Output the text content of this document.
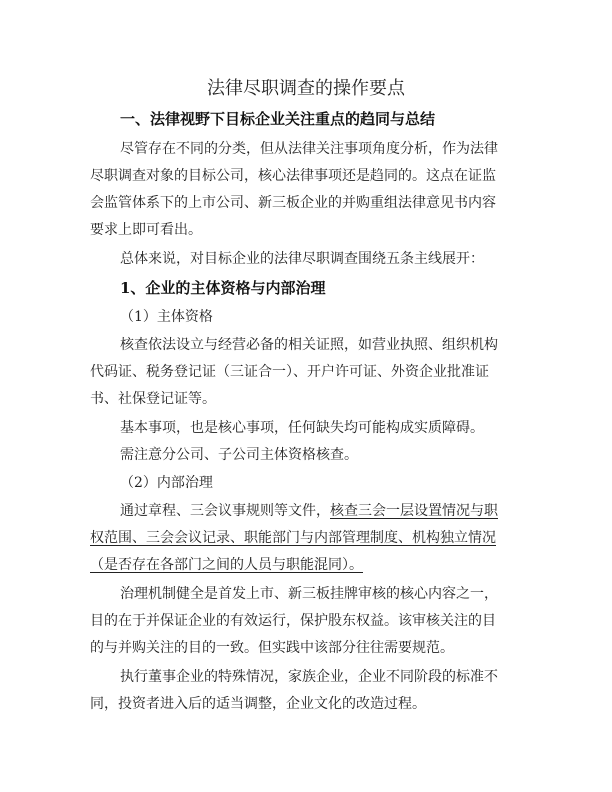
法律尽职调查的操作要点
一、法律视野下目标企业关注重点的趋同与总结
尽管存在不同的分类，但从法律关注事项角度分析，作为法律
尽职调查对象的目标公司，核心法律事项还是趋同的。这点在证监
会监管体系下的上市公司、新三板企业的并购重组法律意见书内容
要求上即可看出。
总体来说，对目标企业的法律尽职调查围绕五条主线展开：
1、企业的主体资格与内部治理
（1）主体资格
核查依法设立与经营必备的相关证照，如营业执照、组织机构
代码证、税务登记证（三证合一）、开户许可证、外资企业批准证
书、社保登记证等。
基本事项，也是核心事项，任何缺失均可能构成实质障碍。
需注意分公司、子公司主体资格核查。
（2）内部治理
通过章程、三会议事规则等文件，核查三会一层设置情况与职
权范围、三会会议记录、职能部门与内部管理制度、机构独立情况
（是否存在各部门之间的人员与职能混同）。
治理机制健全是首发上市、新三板挂牌审核的核心内容之一，
目的在于并保证企业的有效运行，保护股东权益。该审核关注的目
的与并购关注的目的一致。但实践中该部分往往需要规范。
执行董事企业的特殊情况，家族企业，企业不同阶段的标准不
同，投资者进入后的适当调整，企业文化的改造过程。
